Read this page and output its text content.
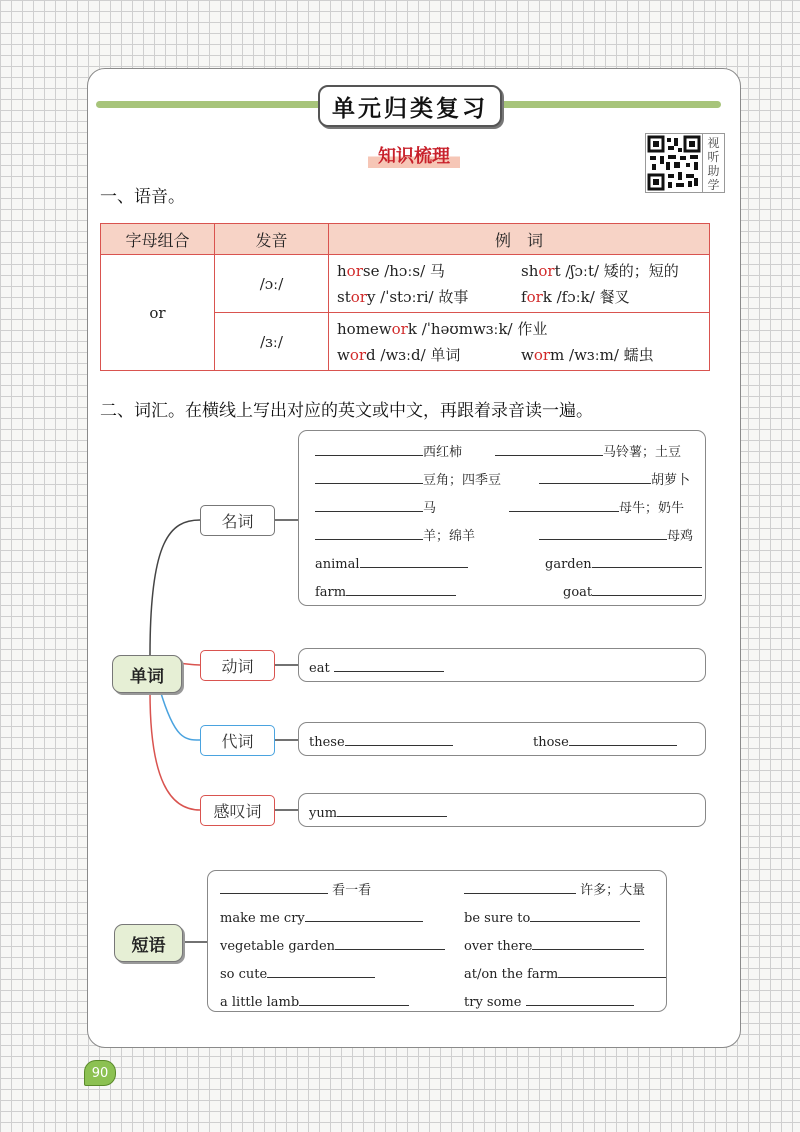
单元归类复习
知识梳理
视
听
助
学
一、语音。
字母组合	发音	例　词
or	/ɔː/	horse /hɔːs/ 马 short /ʃɔːt/ 矮的；短的
story /ˈstɔːri/ 故事 fork /fɔːk/ 餐叉

	/ɜː/	homework /ˈhəʊmwɜːk/ 作业
word /wɜːd/ 单词 worm /wɜːm/ 蠕虫
二、词汇。在横线上写出对应的英文或中文，再跟着录音读一遍。
单词
名词
动词
代词
感叹词
西红柿	马铃薯；土豆
豆角；四季豆	胡萝卜
马	母牛；奶牛
羊；绵羊	母鸡
animal	garden
farm	goat
eat
these	those
yum
短语
看一看	许多；大量
make me cry	be sure to
vegetable garden	over there
so cute	at/on the farm
a little lamb	try some
90
